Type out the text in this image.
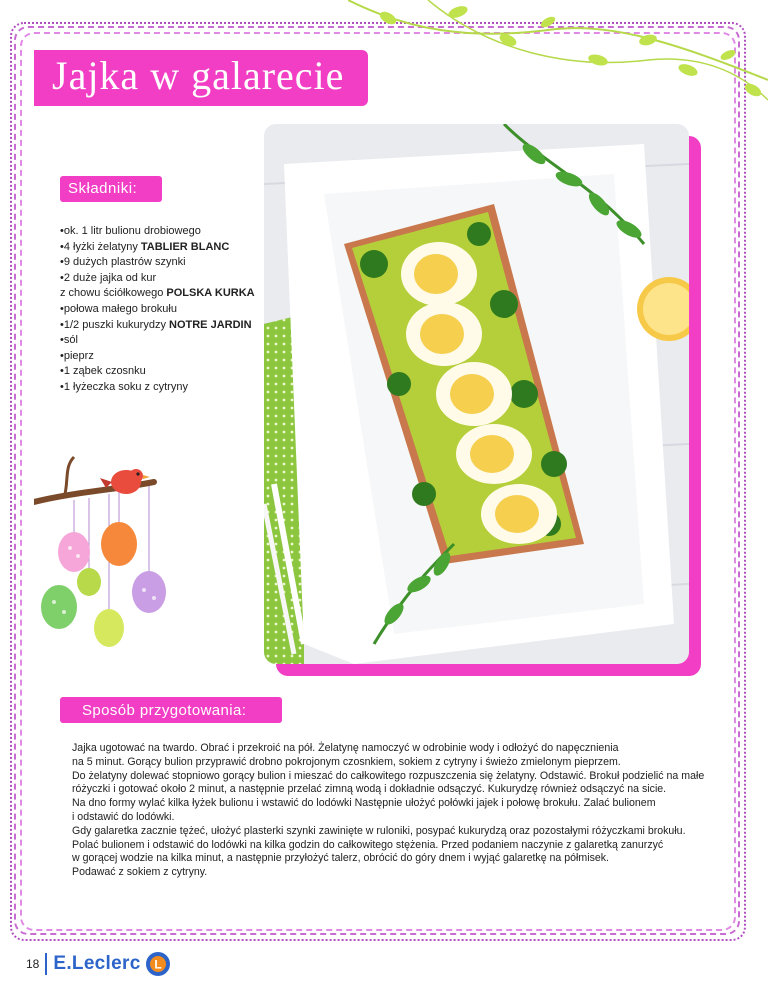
Jajka w galarecie
Składniki:
•ok. 1 litr bulionu drobiowego
•4 łyżki żelatyny TABLIER BLANC
•9 dużych plastrów szynki
•2 duże jajka od kur
z chowu ściółkowego POLSKA KURKA
•połowa małego brokułu
•1/2 puszki kukurydzy NOTRE JARDIN
•sól
•pieprz
•1 ząbek czosnku
•1 łyżeczka soku z cytryny
Sposób przygotowania:
Jajka ugotować na twardo. Obrać i przekroić na pół. Żelatynę namoczyć w odrobinie wody i odłożyć do napęcznienia
na 5 minut. Gorący bulion przyprawić drobno pokrojonym czosnkiem, sokiem z cytryny i świeżo zmielonym pieprzem.
Do żelatyny dolewać stopniowo gorący bulion i mieszać do całkowitego rozpuszczenia się żelatyny. Odstawić. Brokuł podzielić na małe
różyczki i gotować około 2 minut, a następnie przelać zimną wodą i dokładnie odsączyć. Kukurydzę również odsączyć na sicie.
Na dno formy wylać kilka łyżek bulionu i wstawić do lodówki Następnie ułożyć połówki jajek i połowę brokułu. Zalać bulionem
i odstawić do lodówki.
Gdy galaretka zacznie tężeć, ułożyć plasterki szynki zawinięte w ruloniki, posypać kukurydzą oraz pozostałymi różyczkami brokułu.
Polać bulionem i odstawić do lodówki na kilka godzin do całkowitego stężenia. Przed podaniem naczynie z galaretką zanurzyć
w gorącej wodzie na kilka minut, a następnie przyłożyć talerz, obrócić do góry dnem i wyjąć galaretkę na półmisek.
Podawać z sokiem z cytryny.
18 E.Leclerc L
